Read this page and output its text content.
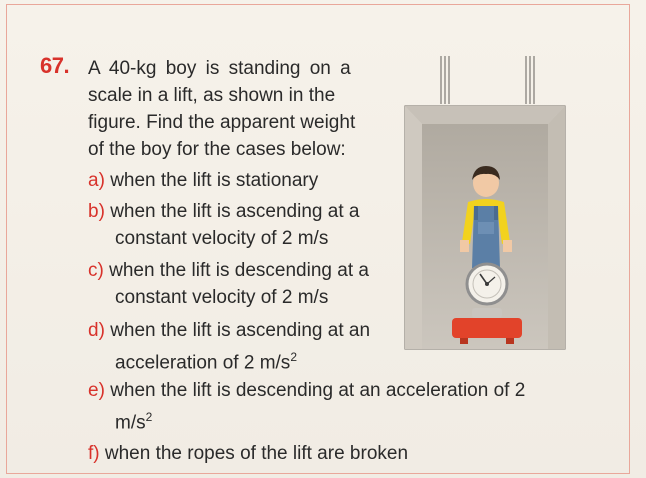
67. A 40-kg boy is standing on a
scale in a lift, as shown in the
figure. Find the apparent weight
of the boy for the cases below:
a) when the lift is stationary
b) when the lift is ascending at a
constant velocity of 2 m/s
c) when the lift is descending at a
constant velocity of 2 m/s
d) when the lift is ascending at an
acceleration of 2 $m/s^2$
e) when the lift is descending at an acceleration of 2
$m/s^2$
f) when the ropes of the lift are broken
